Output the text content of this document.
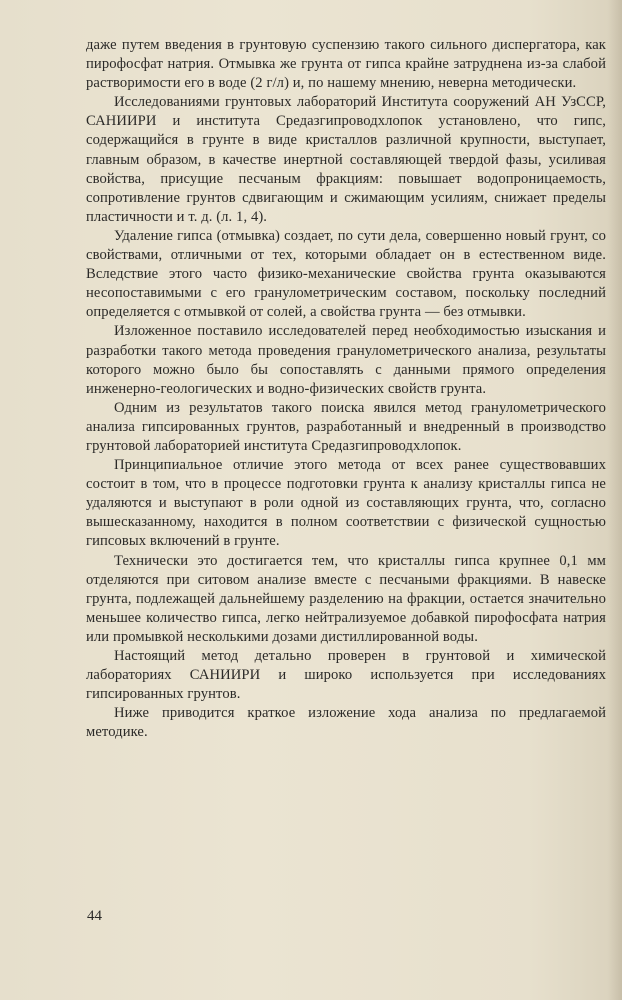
даже путем введения в грунтовую суспензию такого сильного диспергатора, как пирофосфат натрия. Отмывка же грунта от гипса крайне затруднена из-за слабой растворимости его в воде (2 г/л) и, по нашему мнению, неверна методически.

Исследованиями грунтовых лабораторий Института сооружений АН УзССР, САНИИРИ и института Средазгипроводхлопок установлено, что гипс, содержащийся в грунте в виде кристаллов различной крупности, выступает, главным образом, в качестве инертной составляющей твердой фазы, усиливая свойства, присущие песчаным фракциям: повышает водопроницаемость, сопротивление грунтов сдвигающим и сжимающим усилиям, снижает пределы пластичности и т. д. (л. 1, 4).

Удаление гипса (отмывка) создает, по сути дела, совершенно новый грунт, со свойствами, отличными от тех, которыми обладает он в естественном виде. Вследствие этого часто физико-механические свойства грунта оказываются несопоставимыми с его гранулометрическим составом, поскольку последний определяется с отмывкой от солей, а свойства грунта — без отмывки.

Изложенное поставило исследователей перед необходимостью изыскания и разработки такого метода проведения гранулометрического анализа, результаты которого можно было бы сопоставлять с данными прямого определения инженерно-геологических и водно-физических свойств грунта.

Одним из результатов такого поиска явился метод гранулометрического анализа гипсированных грунтов, разработанный и внедренный в производство грунтовой лабораторией института Средазгипроводхлопок.

Принципиальное отличие этого метода от всех ранее существовавших состоит в том, что в процессе подготовки грунта к анализу кристаллы гипса не удаляются и выступают в роли одной из составляющих грунта, что, согласно вышесказанному, находится в полном соответствии с физической сущностью гипсовых включений в грунте.

Технически это достигается тем, что кристаллы гипса крупнее 0,1 мм отделяются при ситовом анализе вместе с песчаными фракциями. В навеске грунта, подлежащей дальнейшему разделению на фракции, остается значительно меньшее количество гипса, легко нейтрализуемое добавкой пирофосфата натрия или промывкой несколькими дозами дистиллированной воды.

Настоящий метод детально проверен в грунтовой и химической лабораториях САНИИРИ и широко используется при исследованиях гипсированных грунтов.

Ниже приводится краткое изложение хода анализа по предлагаемой методике.

44
